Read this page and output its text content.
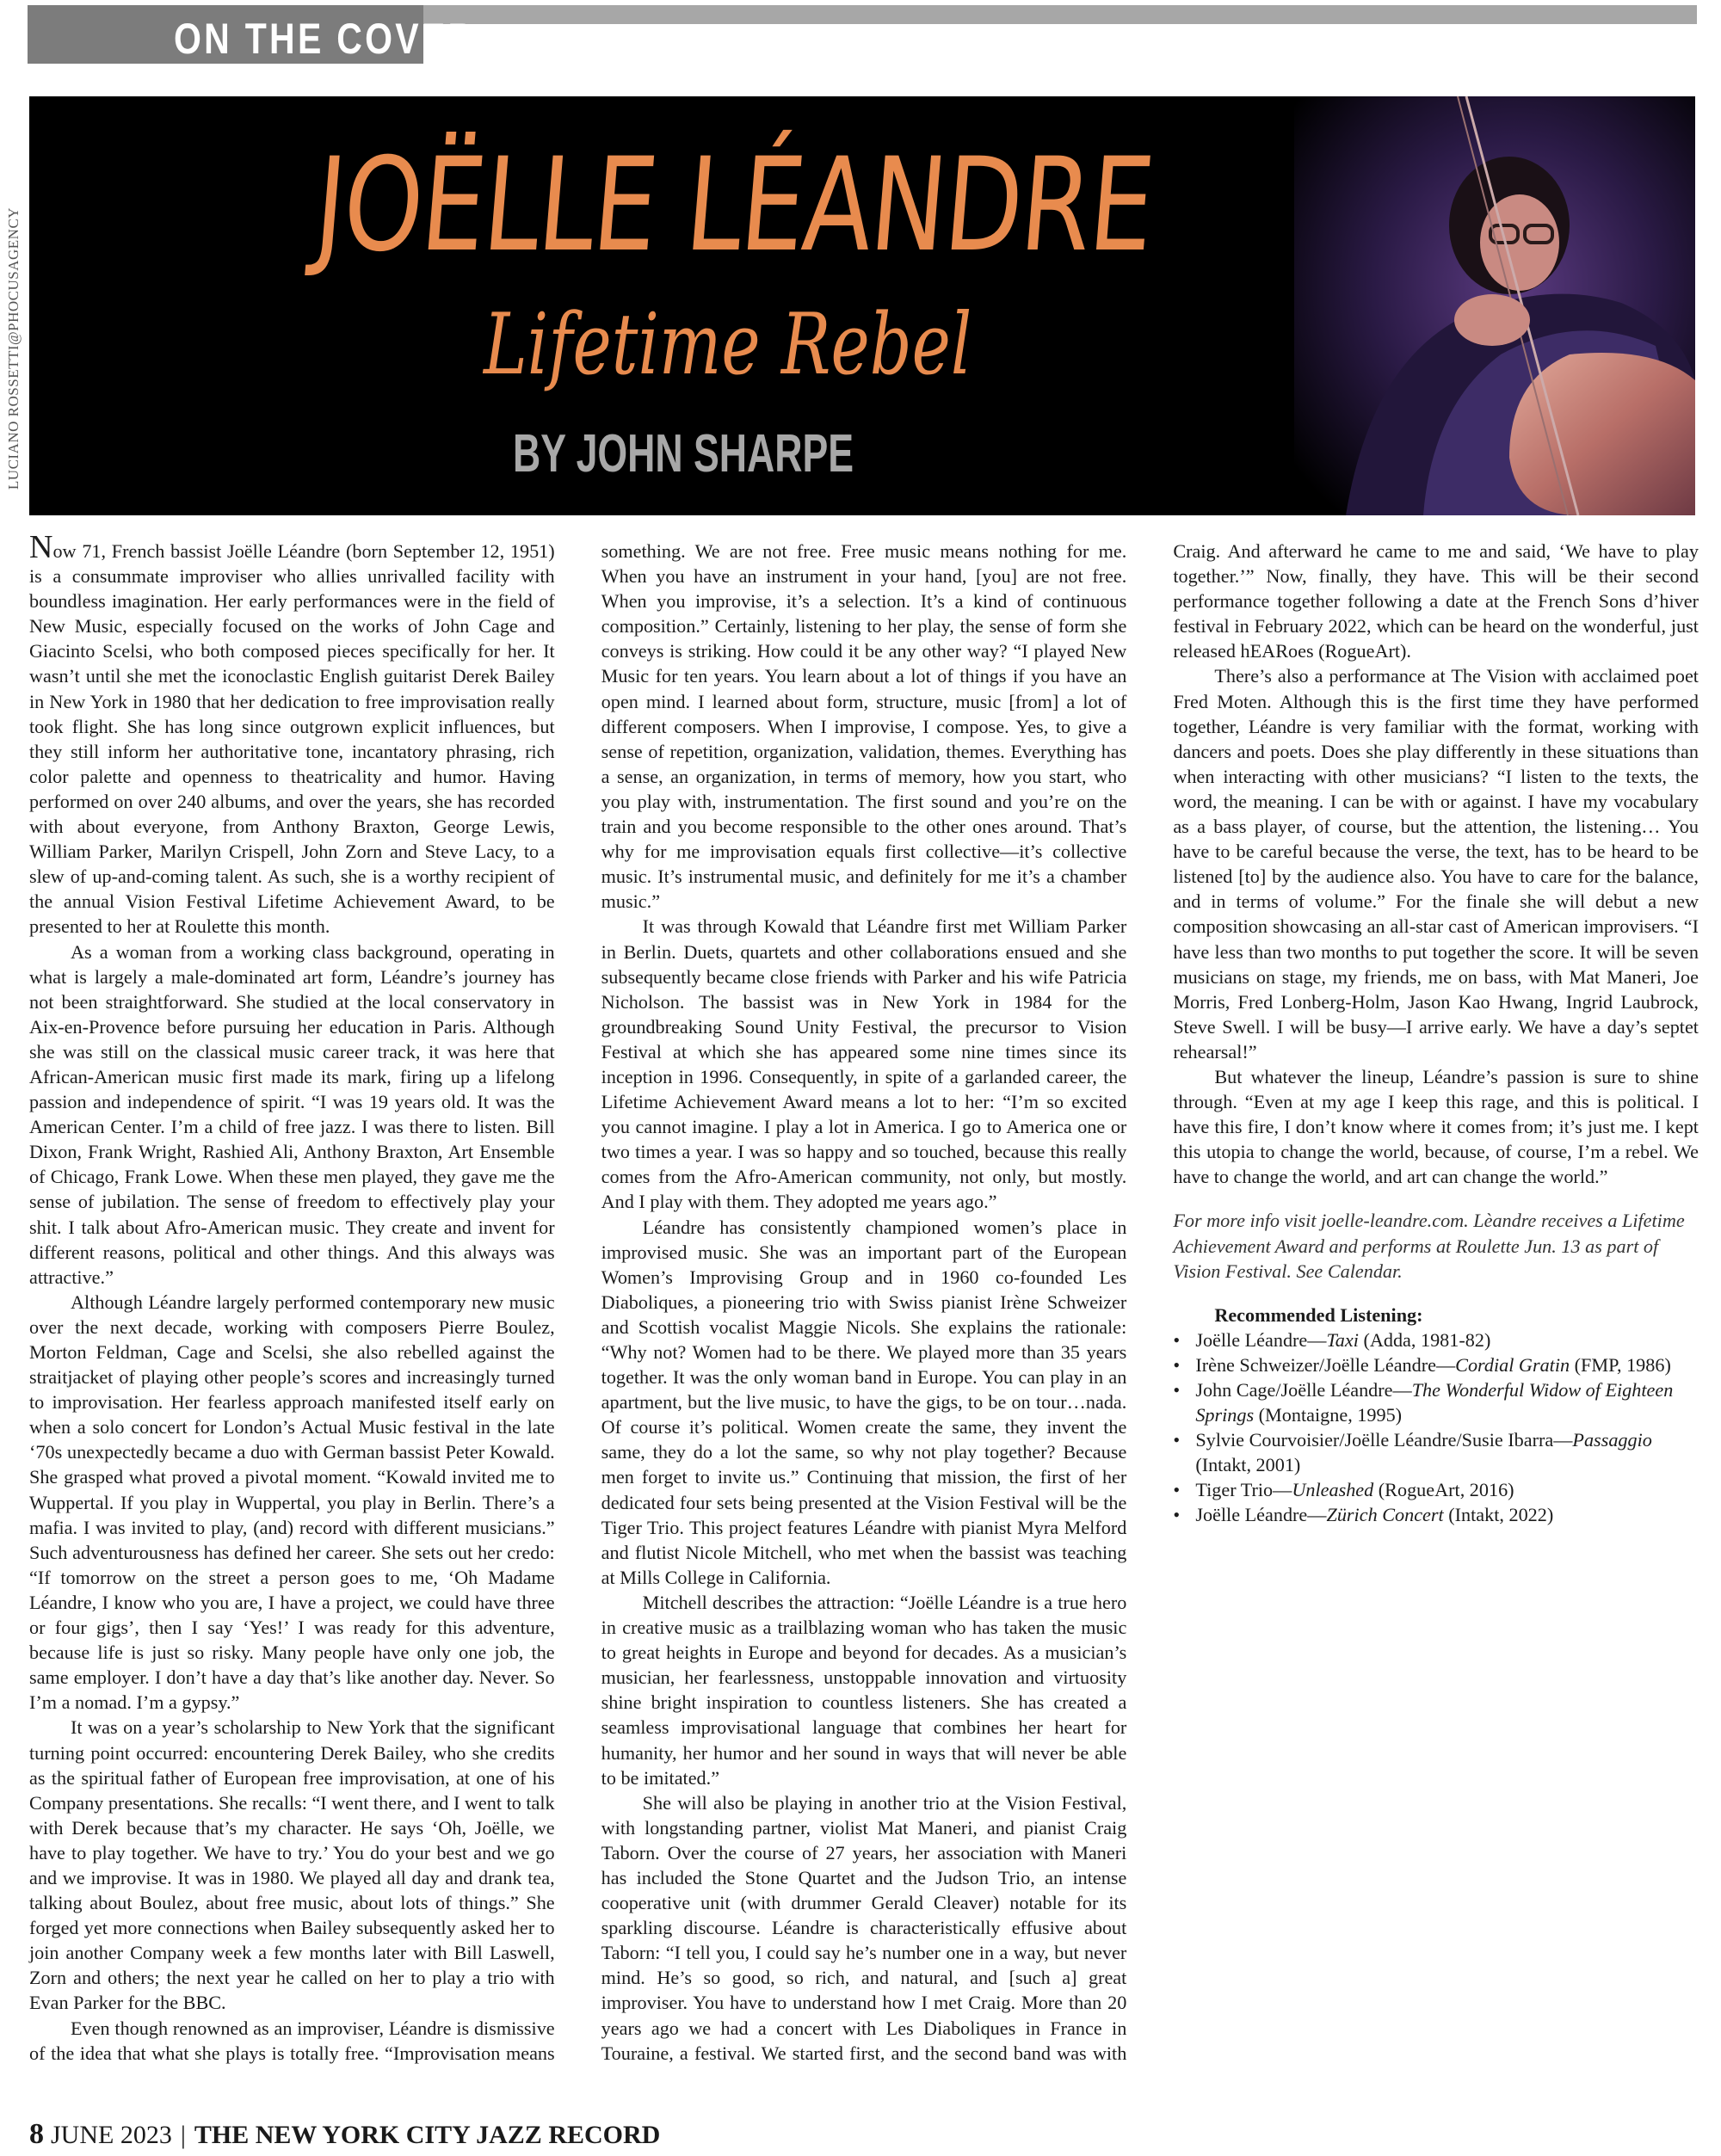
ON THE COVER
LUCIANO ROSSETTI@PHOCUSAGENCY
JOËLLE LÉANDRE
Lifetime Rebel
BY JOHN SHARPE

Now 71, French bassist Joëlle Léandre (born September 12, 1951) is a consummate improviser who allies unrivalled facility with boundless imagination. Her early performances were in the field of New Music, especially focused on the works of John Cage and Giacinto Scelsi, who both composed pieces specifically for her. It wasn’t until she met the iconoclastic English guitarist Derek Bailey in New York in 1980 that her dedication to free improvisation really took flight. She has long since outgrown explicit influences, but they still inform her authoritative tone, incantatory phrasing, rich color palette and openness to theatricality and humor. Having performed on over 240 albums, and over the years, she has recorded with about everyone, from Anthony Braxton, George Lewis, William Parker, Marilyn Crispell, John Zorn and Steve Lacy, to a slew of up-and-coming talent. As such, she is a worthy recipient of the annual Vision Festival Lifetime Achievement Award, to be presented to her at Roulette this month.

As a woman from a working class background, operating in what is largely a male-dominated art form, Léandre’s journey has not been straightforward. She studied at the local conservatory in Aix-en-Provence before pursuing her education in Paris. Although she was still on the classical music career track, it was here that African-American music first made its mark, firing up a lifelong passion and independence of spirit. “I was 19 years old. It was the American Center. I’m a child of free jazz. I was there to listen. Bill Dixon, Frank Wright, Rashied Ali, Anthony Braxton, Art Ensemble of Chicago, Frank Lowe. When these men played, they gave me the sense of jubilation. The sense of freedom to effectively play your shit. I talk about Afro-American music. They create and invent for different reasons, political and other things. And this always was attractive.”

Although Léandre largely performed contemporary new music over the next decade, working with composers Pierre Boulez, Morton Feldman, Cage and Scelsi, she also rebelled against the straitjacket of playing other people’s scores and increasingly turned to improvisation. Her fearless approach manifested itself early on when a solo concert for London’s Actual Music festival in the late ‘70s unexpectedly became a duo with German bassist Peter Kowald. She grasped what proved a pivotal moment. “Kowald invited me to Wuppertal. If you play in Wuppertal, you play in Berlin. There’s a mafia. I was invited to play, (and) record with different musicians.” Such adventurousness has defined her career. She sets out her credo: “If tomorrow on the street a person goes to me, ‘Oh Madame Léandre, I know who you are, I have a project, we could have three or four gigs’, then I say ‘Yes!’ I was ready for this adventure, because life is just so risky. Many people have only one job, the same employer. I don’t have a day that’s like another day. Never. So I’m a nomad. I’m a gypsy.”

It was on a year’s scholarship to New York that the significant turning point occurred: encountering Derek Bailey, who she credits as the spiritual father of European free improvisation, at one of his Company presentations. She recalls: “I went there, and I went to talk with Derek because that’s my character. He says ‘Oh, Joëlle, we have to play together. We have to try.’ You do your best and we go and we improvise. It was in 1980. We played all day and drank tea, talking about Boulez, about free music, about lots of things.” She forged yet more connections when Bailey subsequently asked her to join another Company week a few months later with Bill Laswell, Zorn and others; the next year he called on her to play a trio with Evan Parker for the BBC.

Even though renowned as an improviser, Léandre is dismissive of the idea that what she plays is totally free. “Improvisation means something. We are not free. Free music means nothing for me. When you have an instrument in your hand, [you] are not free. When you improvise, it’s a selection. It’s a kind of continuous composition.” Certainly, listening to her play, the sense of form she conveys is striking. How could it be any other way? “I played New Music for ten years. You learn about a lot of things if you have an open mind. I learned about form, structure, music [from] a lot of different composers. When I improvise, I compose. Yes, to give a sense of repetition, organization, validation, themes. Everything has a sense, an organization, in terms of memory, how you start, who you play with, instrumentation. The first sound and you’re on the train and you become responsible to the other ones around. That’s why for me improvisation equals first collective—it’s collective music. It’s instrumental music, and definitely for me it’s a chamber music.”

It was through Kowald that Léandre first met William Parker in Berlin. Duets, quartets and other collaborations ensued and she subsequently became close friends with Parker and his wife Patricia Nicholson. The bassist was in New York in 1984 for the groundbreaking Sound Unity Festival, the precursor to Vision Festival at which she has appeared some nine times since its inception in 1996. Consequently, in spite of a garlanded career, the Lifetime Achievement Award means a lot to her: “I’m so excited you cannot imagine. I play a lot in America. I go to America one or two times a year. I was so happy and so touched, because this really comes from the Afro-American community, not only, but mostly. And I play with them. They adopted me years ago.”

Léandre has consistently championed women’s place in improvised music. She was an important part of the European Women’s Improvising Group and in 1960 co-founded Les Diaboliques, a pioneering trio with Swiss pianist Irène Schweizer and Scottish vocalist Maggie Nicols. She explains the rationale: “Why not? Women had to be there. We played more than 35 years together. It was the only woman band in Europe. You can play in an apartment, but the live music, to have the gigs, to be on tour…nada. Of course it’s political. Women create the same, they invent the same, they do a lot the same, so why not play together? Because men forget to invite us.” Continuing that mission, the first of her dedicated four sets being presented at the Vision Festival will be the Tiger Trio. This project features Léandre with pianist Myra Melford and flutist Nicole Mitchell, who met when the bassist was teaching at Mills College in California.

Mitchell describes the attraction: “Joëlle Léandre is a true hero in creative music as a trailblazing woman who has taken the music to great heights in Europe and beyond for decades. As a musician’s musician, her fearlessness, unstoppable innovation and virtuosity shine bright inspiration to countless listeners. She has created a seamless improvisational language that combines her heart for humanity, her humor and her sound in ways that will never be able to be imitated.”

She will also be playing in another trio at the Vision Festival, with longstanding partner, violist Mat Maneri, and pianist Craig Taborn. Over the course of 27 years, her association with Maneri has included the Stone Quartet and the Judson Trio, an intense cooperative unit (with drummer Gerald Cleaver) notable for its sparkling discourse. Léandre is characteristically effusive about Taborn: “I tell you, I could say he’s number one in a way, but never mind. He’s so good, so rich, and natural, and [such a] great improviser. You have to understand how I met Craig. More than 20 years ago we had a concert with Les Diaboliques in France in Touraine, a festival. We started first, and the second band was with Craig. And afterward he came to me and said, ‘We have to play together.’” Now, finally, they have. This will be their second performance together following a date at the French Sons d’hiver festival in February 2022, which can be heard on the wonderful, just released hEARoes (RogueArt).

There’s also a performance at The Vision with acclaimed poet Fred Moten. Although this is the first time they have performed together, Léandre is very familiar with the format, working with dancers and poets. Does she play differently in these situations than when interacting with other musicians? “I listen to the texts, the word, the meaning. I can be with or against. I have my vocabulary as a bass player, of course, but the attention, the listening… You have to be careful because the verse, the text, has to be heard to be listened [to] by the audience also. You have to care for the balance, and in terms of volume.” For the finale she will debut a new composition showcasing an all-star cast of American improvisers. “I have less than two months to put together the score. It will be seven musicians on stage, my friends, me on bass, with Mat Maneri, Joe Morris, Fred Lonberg-Holm, Jason Kao Hwang, Ingrid Laubrock, Steve Swell. I will be busy—I arrive early. We have a day’s septet rehearsal!”

But whatever the lineup, Léandre’s passion is sure to shine through. “Even at my age I keep this rage, and this is political. I have this fire, I don’t know where it comes from; it’s just me. I kept this utopia to change the world, because, of course, I’m a rebel. We have to change the world, and art can change the world.”

For more info visit joelle-leandre.com. Lèandre receives a Lifetime Achievement Award and performs at Roulette Jun. 13 as part of Vision Festival. See Calendar.

Recommended Listening:

• Joëlle Léandre—Taxi (Adda, 1981-82)
• Irène Schweizer/Joëlle Léandre—Cordial Gratin (FMP, 1986)
• John Cage/Joëlle Léandre—The Wonderful Widow of Eighteen Springs (Montaigne, 1995)
• Sylvie Courvoisier/Joëlle Léandre/Susie Ibarra—Passaggio (Intakt, 2001)
• Tiger Trio—Unleashed (RogueArt, 2016)
• Joëlle Léandre—Zürich Concert (Intakt, 2022)
8 JUNE 2023 | THE NEW YORK CITY JAZZ RECORD
